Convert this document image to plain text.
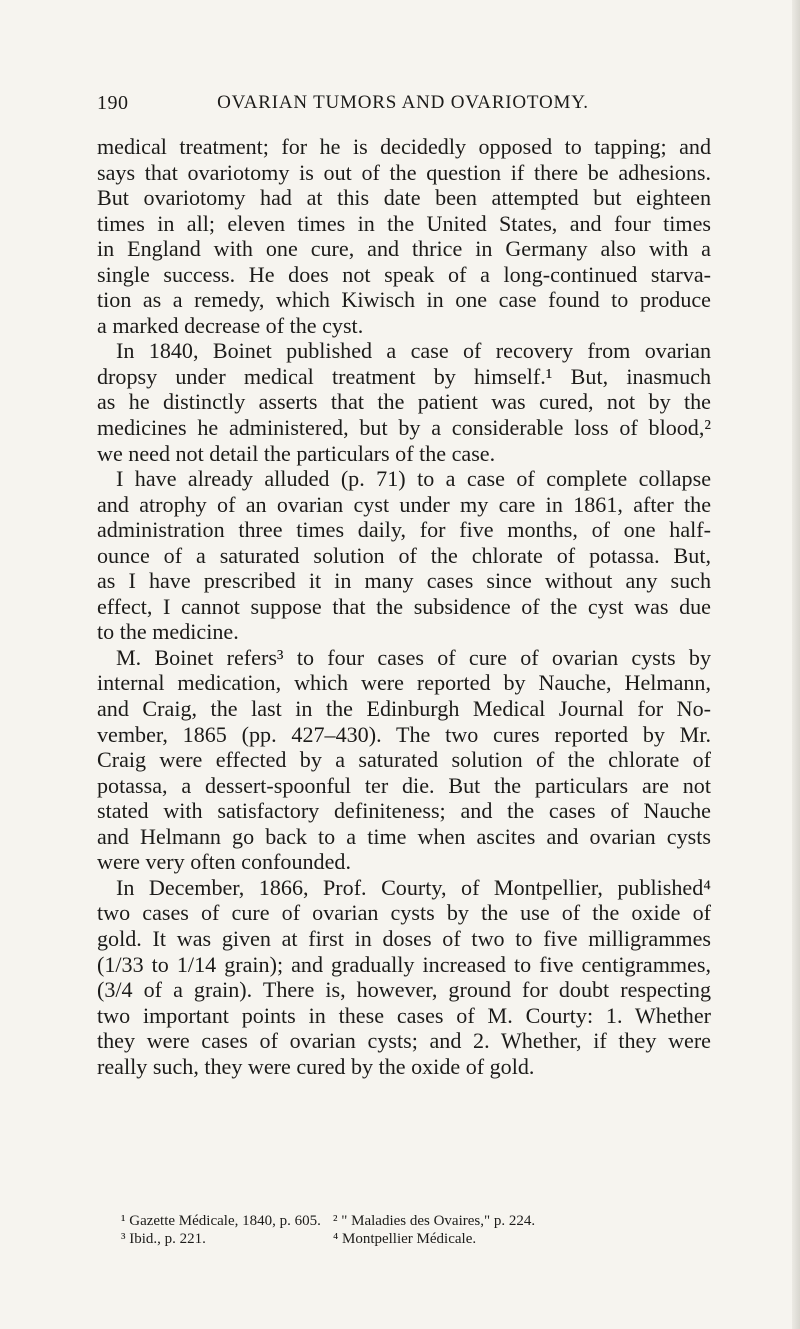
190	OVARIAN TUMORS AND OVARIOTOMY.

medical treatment; for he is decidedly opposed to tapping; and
says that ovariotomy is out of the question if there be adhesions.
But ovariotomy had at this date been attempted but eighteen
times in all; eleven times in the United States, and four times
in England with one cure, and thrice in Germany also with a
single success. He does not speak of a long-continued starva-
tion as a remedy, which Kiwisch in one case found to produce
a marked decrease of the cyst.

In 1840, Boinet published a case of recovery from ovarian
dropsy under medical treatment by himself.¹ But, inasmuch
as he distinctly asserts that the patient was cured, not by the
medicines he administered, but by a considerable loss of blood,²
we need not detail the particulars of the case.

I have already alluded (p. 71) to a case of complete collapse
and atrophy of an ovarian cyst under my care in 1861, after the
administration three times daily, for five months, of one half-
ounce of a saturated solution of the chlorate of potassa. But,
as I have prescribed it in many cases since without any such
effect, I cannot suppose that the subsidence of the cyst was due
to the medicine.

M. Boinet refers³ to four cases of cure of ovarian cysts by
internal medication, which were reported by Nauche, Helmann,
and Craig, the last in the Edinburgh Medical Journal for No-
vember, 1865 (pp. 427–430). The two cures reported by Mr.
Craig were effected by a saturated solution of the chlorate of
potassa, a dessert-spoonful ter die. But the particulars are not
stated with satisfactory definiteness; and the cases of Nauche
and Helmann go back to a time when ascites and ovarian cysts
were very often confounded.

In December, 1866, Prof. Courty, of Montpellier, published⁴
two cases of cure of ovarian cysts by the use of the oxide of
gold. It was given at first in doses of two to five milligrammes
(1/33 to 1/14 grain); and gradually increased to five centigrammes,
(3/4 of a grain). There is, however, ground for doubt respecting
two important points in these cases of M. Courty: 1. Whether
they were cases of ovarian cysts; and 2. Whether, if they were
really such, they were cured by the oxide of gold.

¹ Gazette Médicale, 1840, p. 605. ² " Maladies des Ovaires," p. 224.
³ Ibid., p. 221.	⁴ Montpellier Médicale.
